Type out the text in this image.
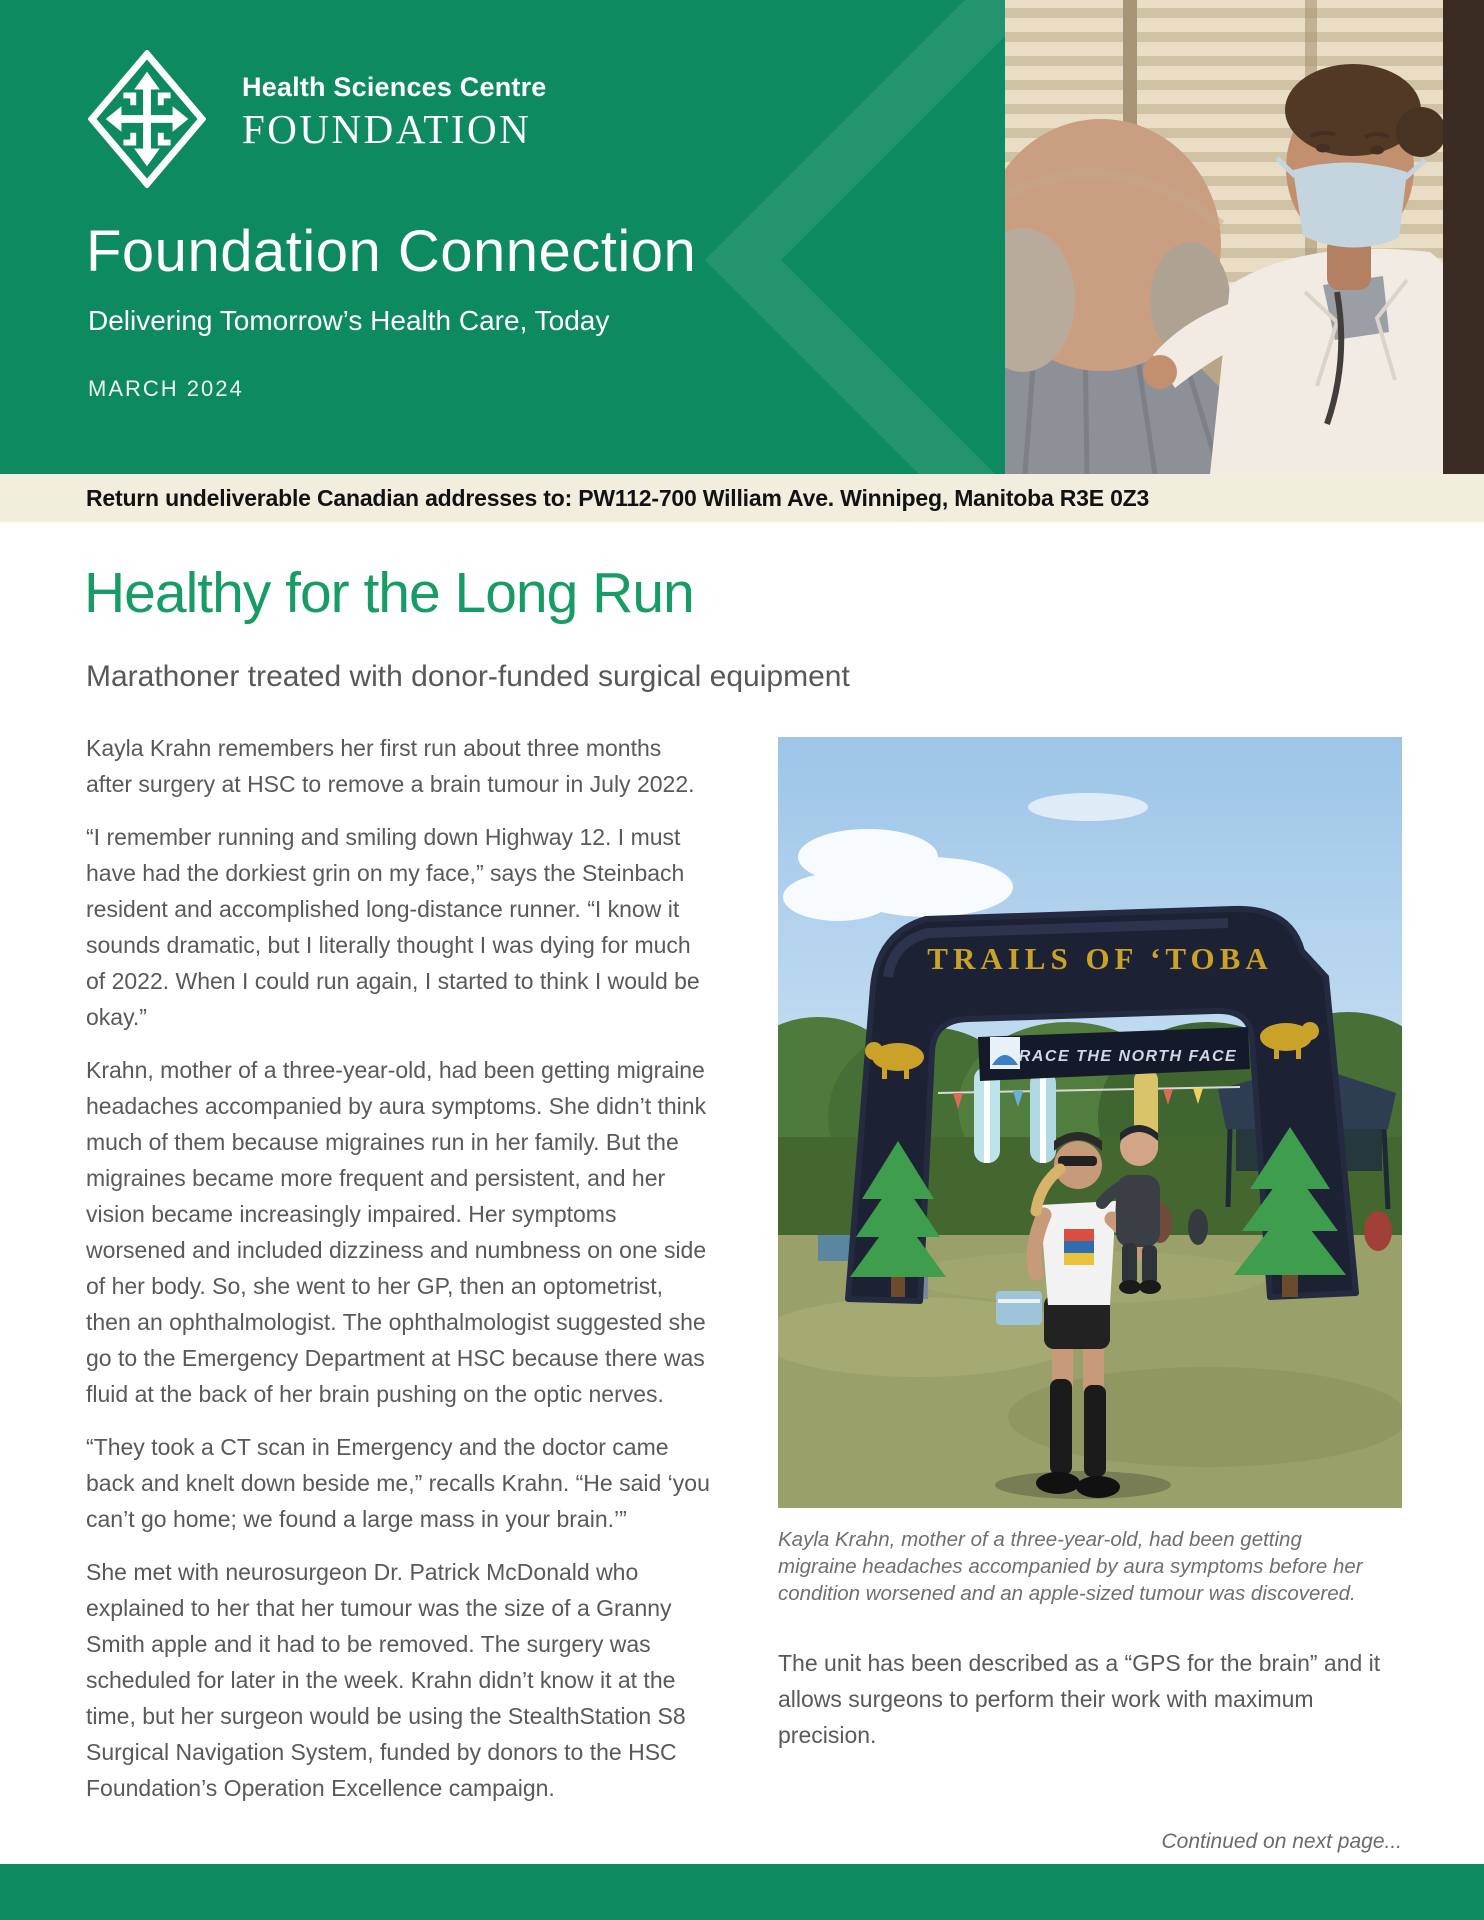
Health Sciences Centre
FOUNDATION
Foundation Connection
Delivering Tomorrow’s Health Care, Today
MARCH 2024
Return undeliverable Canadian addresses to: PW112-700 William Ave. Winnipeg, Manitoba R3E 0Z3
Healthy for the Long Run
Marathoner treated with donor-funded surgical equipment

Kayla Krahn remembers her first run about three months after surgery at HSC to remove a brain tumour in July 2022.

“I remember running and smiling down Highway 12. I must have had the dorkiest grin on my face,” says the Steinbach resident and accomplished long-distance runner. “I know it sounds dramatic, but I literally thought I was dying for much of 2022. When I could run again, I started to think I would be okay.”

Krahn, mother of a three-year-old, had been getting migraine headaches accompanied by aura symptoms. She didn’t think much of them because migraines run in her family. But the migraines became more frequent and persistent, and her vision became increasingly impaired. Her symptoms worsened and included dizziness and numbness on one side of her body. So, she went to her GP, then an optometrist, then an ophthalmologist. The ophthalmologist suggested she go to the Emergency Department at HSC because there was fluid at the back of her brain pushing on the optic nerves.

“They took a CT scan in Emergency and the doctor came back and knelt down beside me,” recalls Krahn. “He said ‘you can’t go home; we found a large mass in your brain.’”

She met with neurosurgeon Dr. Patrick McDonald who explained to her that her tumour was the size of a Granny Smith apple and it had to be removed. The surgery was scheduled for later in the week. Krahn didn’t know it at the time, but her surgeon would be using the StealthStation S8 Surgical Navigation System, funded by donors to the HSC Foundation’s Operation Excellence campaign.

TRAILS OF ‘TOBA
RACE THE NORTH FACE
Kayla Krahn, mother of a three-year-old, had been getting migraine headaches accompanied by aura symptoms before her condition worsened and an apple-sized tumour was discovered.

The unit has been described as a “GPS for the brain” and it allows surgeons to perform their work with maximum precision.

Continued on next page...
